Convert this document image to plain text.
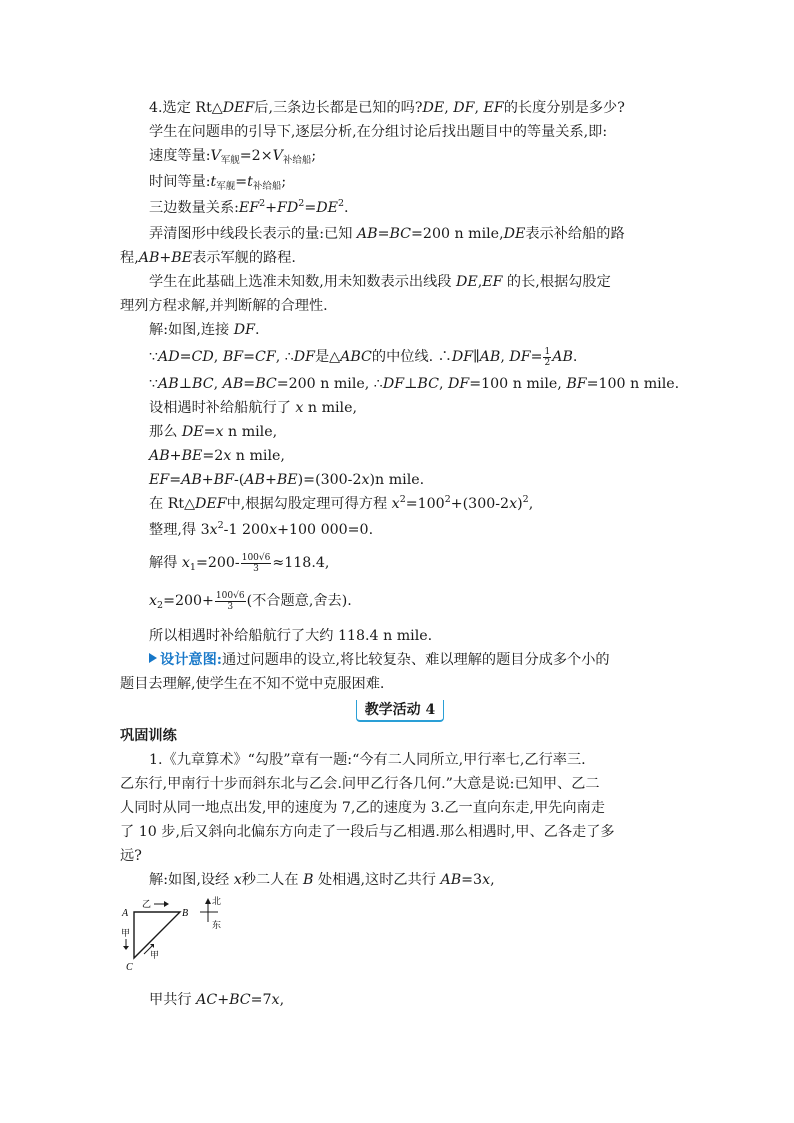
4.选定 Rt△DEF后,三条边长都是已知的吗?DE, DF, EF的长度分别是多少?
学生在问题串的引导下,逐层分析,在分组讨论后找出题目中的等量关系,即:
速度等量$:V_{军舰}=2\times V_{补给船}$;
时间等量$:t_{军舰}=t_{补给船}$;
三边数量关系$:EF^2+FD^2=DE^2$.
弄清图形中线段长表示的量:已知 AB=BC=200 n mile,DE表示补给船的路
程,AB+BE表示军舰的路程.
学生在此基础上选准未知数,用未知数表示出线段 DE,EF 的长,根据勾股定
理列方程求解,并判断解的合理性.
解:如图,连接 DF.
∵AD=CD, BF=CF, ∴DF是△ABC的中位线. ∴DF∥AB, $DF= \frac{1}{2}$ AB.
∵AB⊥BC, AB=BC=200 n mile, ∴DF⊥BC, DF=100 n mile, BF=100 n mile.
设相遇时补给船航行了 x n mile,
那么 DE=x n mile,
AB+BE=2x n mile,
EF=AB+BF-(AB+BE)=(300-2x)n mile.
在 Rt△DEF中,根据勾股定理可得方程 $x^2=100^2+(300-2x)^2$,
整理,得 $3x^2-1$ 200x+100 000=0.
解得 $x_1=200- \frac{100√6}{3} \approx 118.4$,
$x_2=200+ \frac{100√6}{3}$ (不合题意,舍去).
所以相遇时补给船航行了大约 118.4 n mile.
设计意图:通过问题串的设立,将比较复杂、难以理解的题目分成多个小的
题目去理解,使学生在不知不觉中克服困难.
教学活动 4
巩固训练
1.《九章算术》“勾股”章有一题:“今有二人同所立,甲行率七,乙行率三.
乙东行,甲南行十步而斜东北与乙会.问甲乙行各几何.”大意是说:已知甲、乙二
人同时从同一地点出发,甲的速度为 7,乙的速度为 3.乙一直向东走,甲先向南走
了 10 步,后又斜向北偏东方向走了一段后与乙相遇.那么相遇时,甲、乙各走了多
远?
解:如图,设经 x秒二人在 B 处相遇,这时乙共行 AB=3x,
A	B
C
甲
乙
甲
北
东
甲共行 AC+BC=7x,
